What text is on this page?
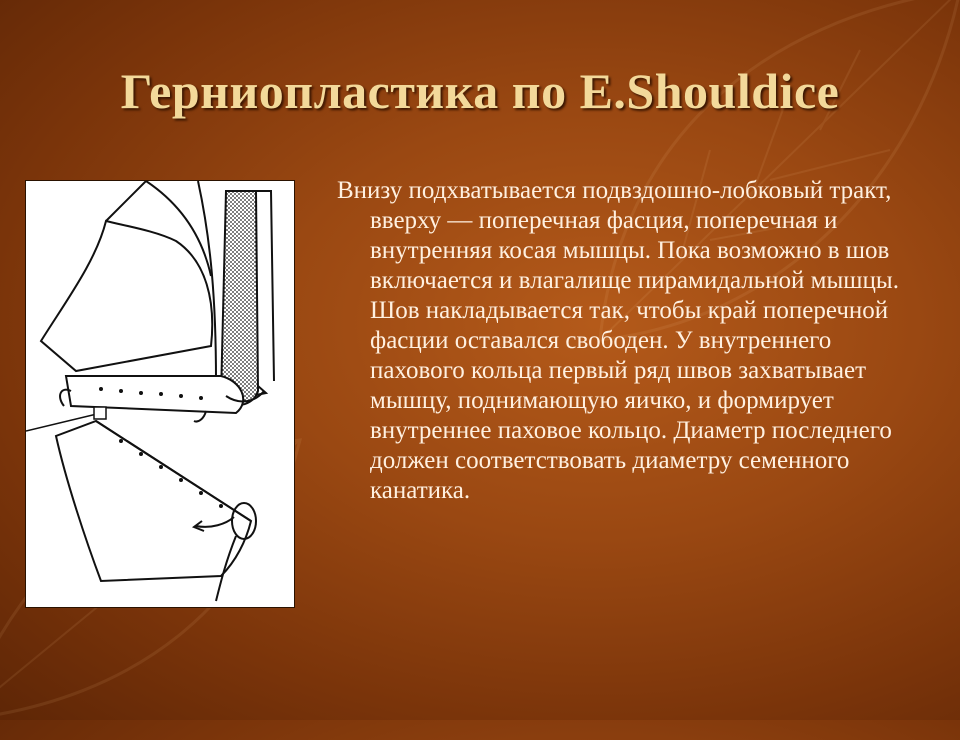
Герниопластика по E.Shouldice
Внизу подхватывается подвздошно-лобковый тракт, вверху — поперечная фасция, поперечная и внутренняя косая мышцы. Пока возможно в шов включается и влагалище пирамидальной мышцы. Шов накладывается так, чтобы край поперечной фасции оставался свободен. У внутреннего пахового кольца первый ряд швов захватывает мышцу, поднимающую яичко, и формирует внутреннее паховое кольцо. Диаметр последнего должен соответствовать диаметру семенного канатика.
